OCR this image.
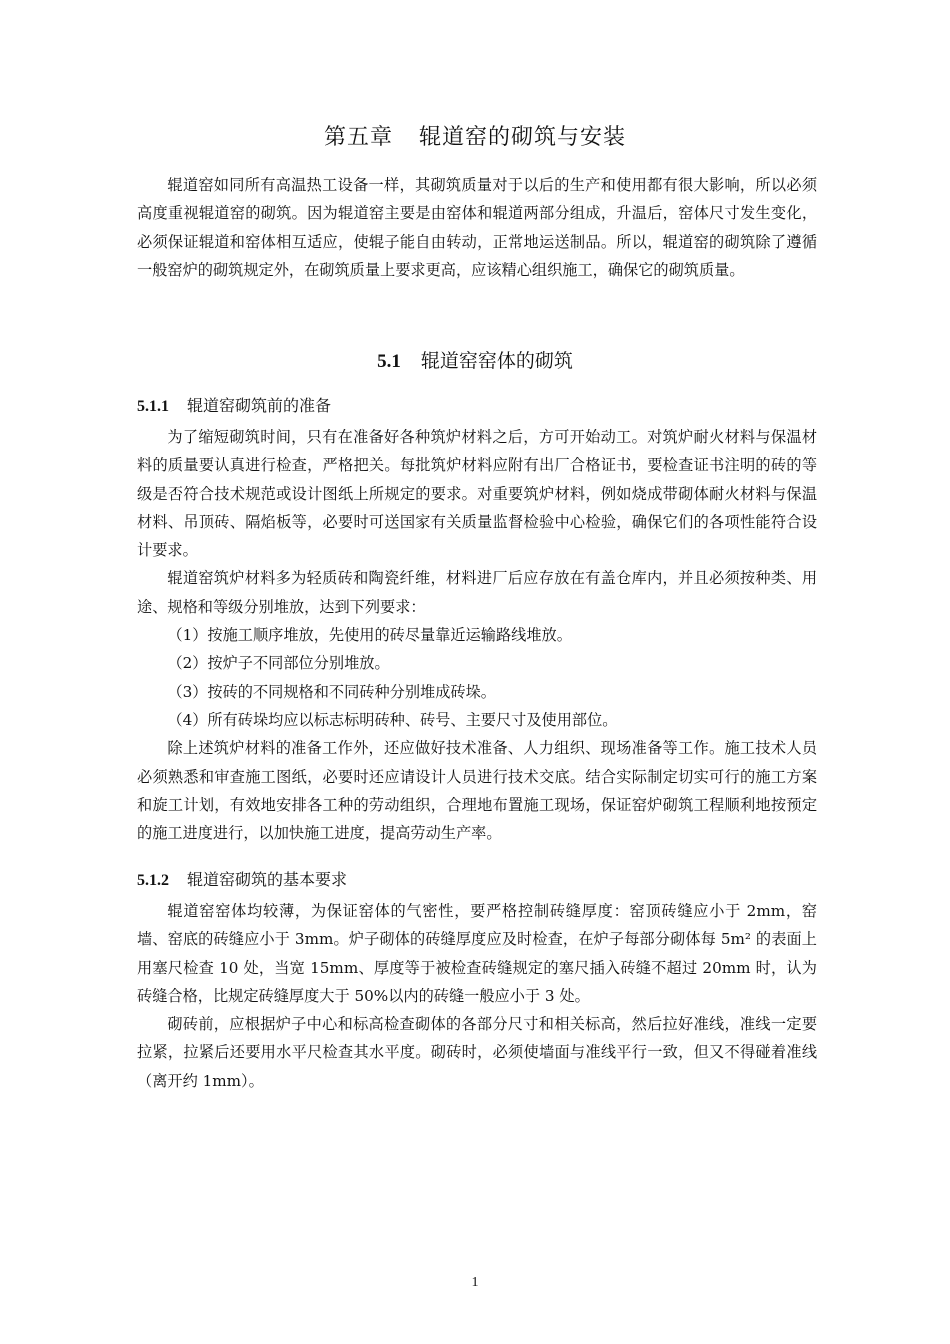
第五章 辊道窑的砌筑与安装

辊道窑如同所有高温热工设备一样，其砌筑质量对于以后的生产和使用都有很大影响，所以必须高度重视辊道窑的砌筑。因为辊道窑主要是由窑体和辊道两部分组成，升温后，窑体尺寸发生变化，必须保证辊道和窑体相互适应，使辊子能自由转动，正常地运送制品。所以，辊道窑的砌筑除了遵循一般窑炉的砌筑规定外，在砌筑质量上要求更高，应该精心组织施工，确保它的砌筑质量。

5.1 辊道窑窑体的砌筑
5.1.1 辊道窑砌筑前的准备

为了缩短砌筑时间，只有在准备好各种筑炉材料之后，方可开始动工。对筑炉耐火材料与保温材料的质量要认真进行检查，严格把关。每批筑炉材料应附有出厂合格证书，要检查证书注明的砖的等级是否符合技术规范或设计图纸上所规定的要求。对重要筑炉材料，例如烧成带砌体耐火材料与保温材料、吊顶砖、隔焰板等，必要时可送国家有关质量监督检验中心检验，确保它们的各项性能符合设计要求。

辊道窑筑炉材料多为轻质砖和陶瓷纤维，材料进厂后应存放在有盖仓库内，并且必须按种类、用途、规格和等级分别堆放，达到下列要求：

（1）按施工顺序堆放，先使用的砖尽量靠近运输路线堆放。

（2）按炉子不同部位分别堆放。

（3）按砖的不同规格和不同砖种分别堆成砖垛。

（4）所有砖垛均应以标志标明砖种、砖号、主要尺寸及使用部位。

除上述筑炉材料的准备工作外，还应做好技术准备、人力组织、现场准备等工作。施工技术人员必须熟悉和审查施工图纸，必要时还应请设计人员进行技术交底。结合实际制定切实可行的施工方案和旋工计划，有效地安排各工种的劳动组织，合理地布置施工现场，保证窑炉砌筑工程顺利地按预定的施工进度进行，以加快施工进度，提高劳动生产率。

5.1.2 辊道窑砌筑的基本要求

辊道窑窑体均较薄，为保证窑体的气密性，要严格控制砖缝厚度：窑顶砖缝应小于 2mm，窑墙、窑底的砖缝应小于 3mm。炉子砌体的砖缝厚度应及时检查，在炉子每部分砌体每 5m² 的表面上用塞尺检查 10 处，当宽 15mm、厚度等于被检查砖缝规定的塞尺插入砖缝不超过 20mm 时，认为砖缝合格，比规定砖缝厚度大于 50%以内的砖缝一般应小于 3 处。

砌砖前，应根据炉子中心和标高检查砌体的各部分尺寸和相关标高，然后拉好准线，准线一定要拉紧，拉紧后还要用水平尺检查其水平度。砌砖时，必须使墙面与准线平行一致，但又不得碰着准线（离开约 1mm）。

1
